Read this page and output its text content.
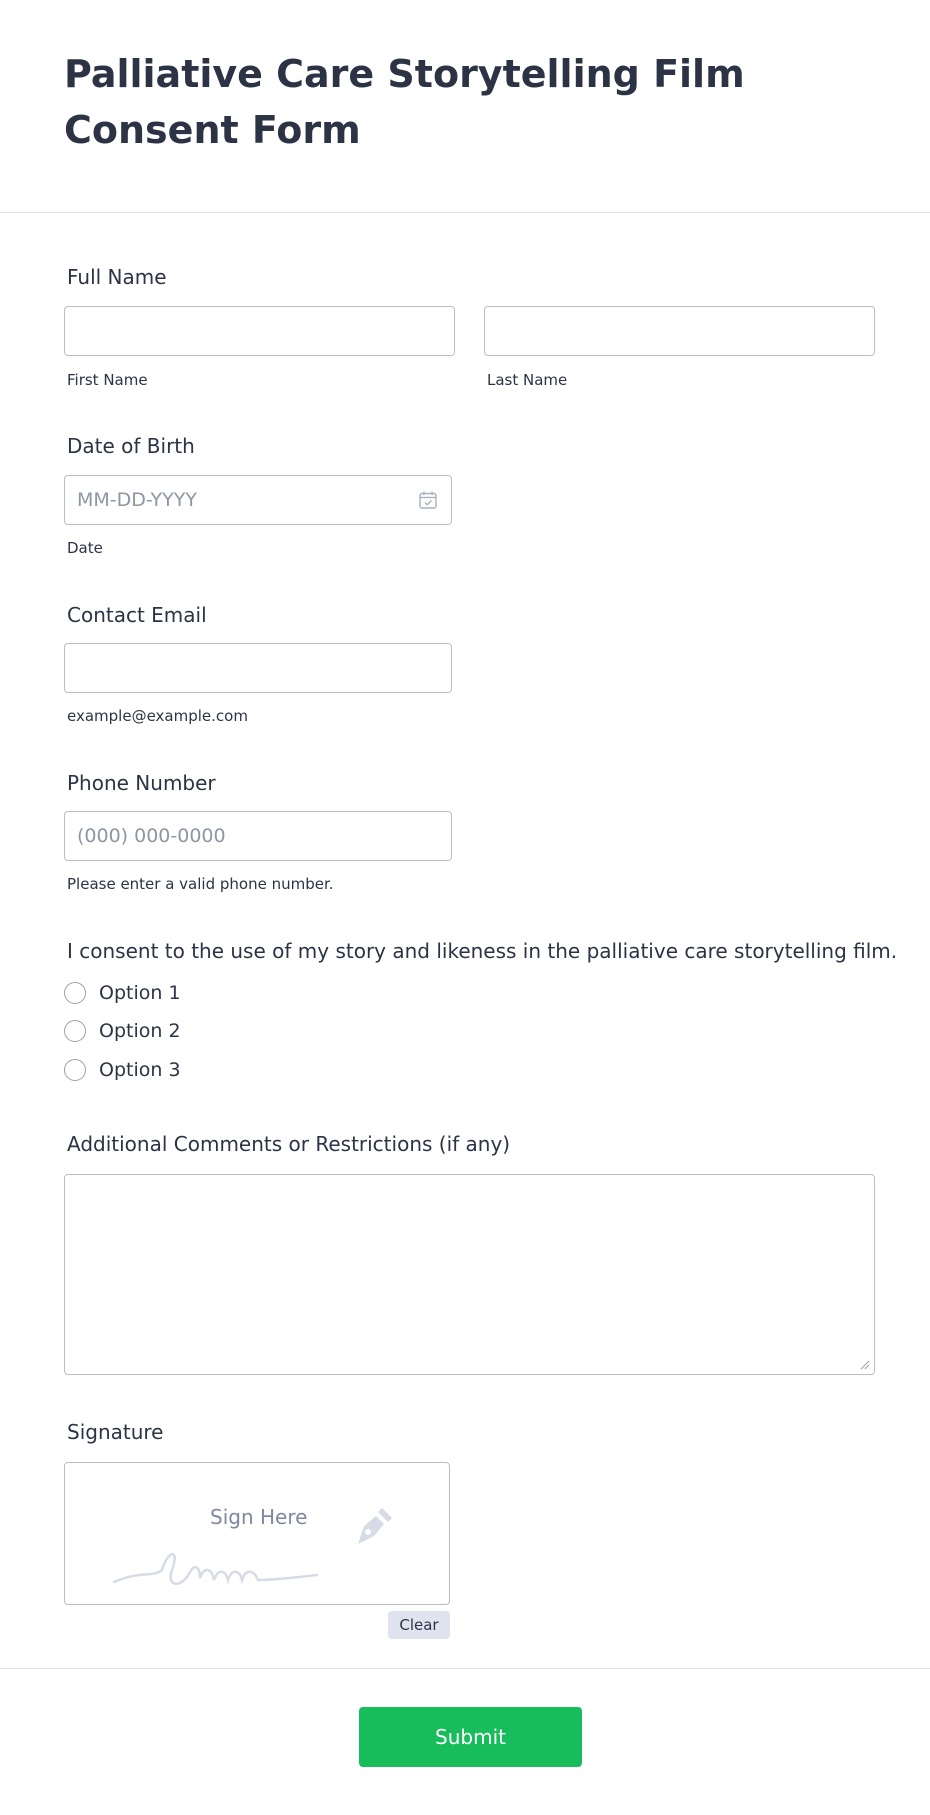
Palliative Care Storytelling Film Consent Form
Full Name
First Name	Last Name
Date of Birth
MM-DD-YYYY
Date
Contact Email
example@example.com
Phone Number
(000) 000-0000
Please enter a valid phone number.
I consent to the use of my story and likeness in the palliative care storytelling film.
Option 1
Option 2
Option 3
Additional Comments or Restrictions (if any)
Signature
Sign Here
Clear
Submit
